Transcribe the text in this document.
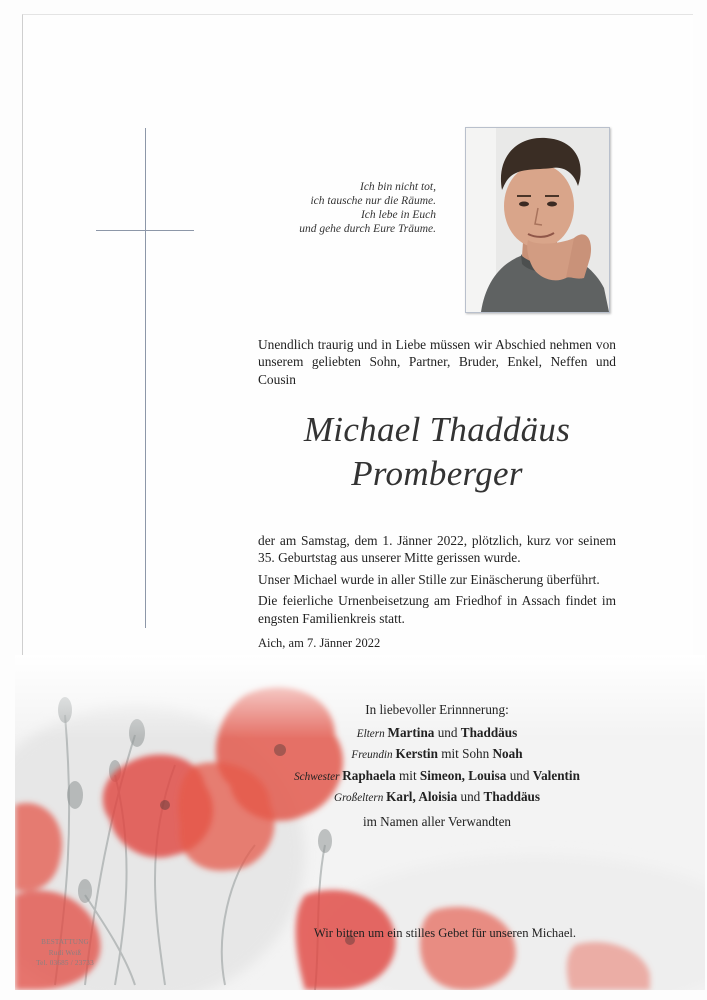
Ich bin nicht tot,
ich tausche nur die Räume.
Ich lebe in Euch
und gehe durch Eure Träume.
Unendlich traurig und in Liebe müssen wir Abschied nehmen von unserem geliebten Sohn, Partner, Bruder, Enkel, Neffen und Cousin
Michael Thaddäus
Promberger

der am Samstag, dem 1. Jänner 2022, plötzlich, kurz vor seinem 35. Geburtstag aus unserer Mitte gerissen wurde.

Unser Michael wurde in aller Stille zur Einäscherung überführt.

Die feierliche Urnenbeisetzung am Friedhof in Assach findet im engsten Familienkreis statt.

Aich, am 7. Jänner 2022

In liebevoller Erinnnerung:
Eltern Martina und Thaddäus
Freundin Kerstin mit Sohn Noah
Schwester Raphaela mit Simeon, Louisa und Valentin
Großeltern Karl, Aloisia und Thaddäus
im Namen aller Verwandten
Wir bitten um ein stilles Gebet für unseren Michael.
BESTATTUNG
Rudi Weiß
Tel. 03685 / 23733
